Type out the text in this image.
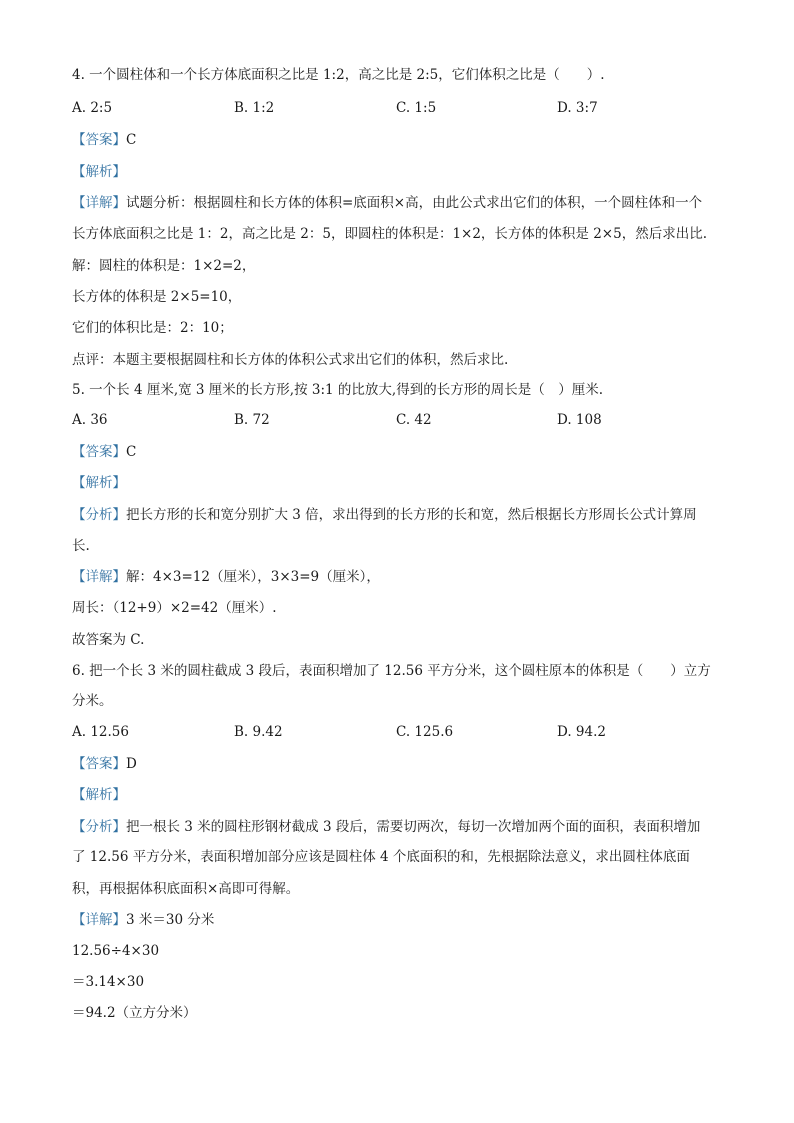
4. 一个圆柱体和一个长方体底面积之比是 1:2，高之比是 2:5，它们体积之比是（　　）.
A. 2:5	B. 1:2	C. 1:5	D. 3:7
【答案】C
【解析】
【详解】试题分析：根据圆柱和长方体的体积=底面积×高，由此公式求出它们的体积，一个圆柱体和一个
长方体底面积之比是 1：2，高之比是 2：5，即圆柱的体积是：1×2，长方体的体积是 2×5，然后求出比.
解：圆柱的体积是：1×2=2，
长方体的体积是 2×5=10，
它们的体积比是：2：10；
点评：本题主要根据圆柱和长方体的体积公式求出它们的体积，然后求比.
5. 一个长 4 厘米,宽 3 厘米的长方形,按 3:1 的比放大,得到的长方形的周长是（　）厘米.
A. 36	B. 72	C. 42	D. 108
【答案】C
【解析】
【分析】把长方形的长和宽分别扩大 3 倍，求出得到的长方形的长和宽，然后根据长方形周长公式计算周
长.
【详解】解：4×3=12（厘米），3×3=9（厘米），
周长：（12+9）×2=42（厘米）.
故答案为 C.
6. 把一个长 3 米的圆柱截成 3 段后，表面积增加了 12.56 平方分米，这个圆柱原本的体积是（　　）立方
分米。
A. 12.56	B. 9.42	C. 125.6	D. 94.2
【答案】D
【解析】
【分析】把一根长 3 米的圆柱形钢材截成 3 段后，需要切两次，每切一次增加两个面的面积，表面积增加
了 12.56 平方分米，表面积增加部分应该是圆柱体 4 个底面积的和，先根据除法意义，求出圆柱体底面
积，再根据体积底面积×高即可得解。
【详解】3 米＝30 分米
12.56÷4×30
＝3.14×30
＝94.2（立方分米）
